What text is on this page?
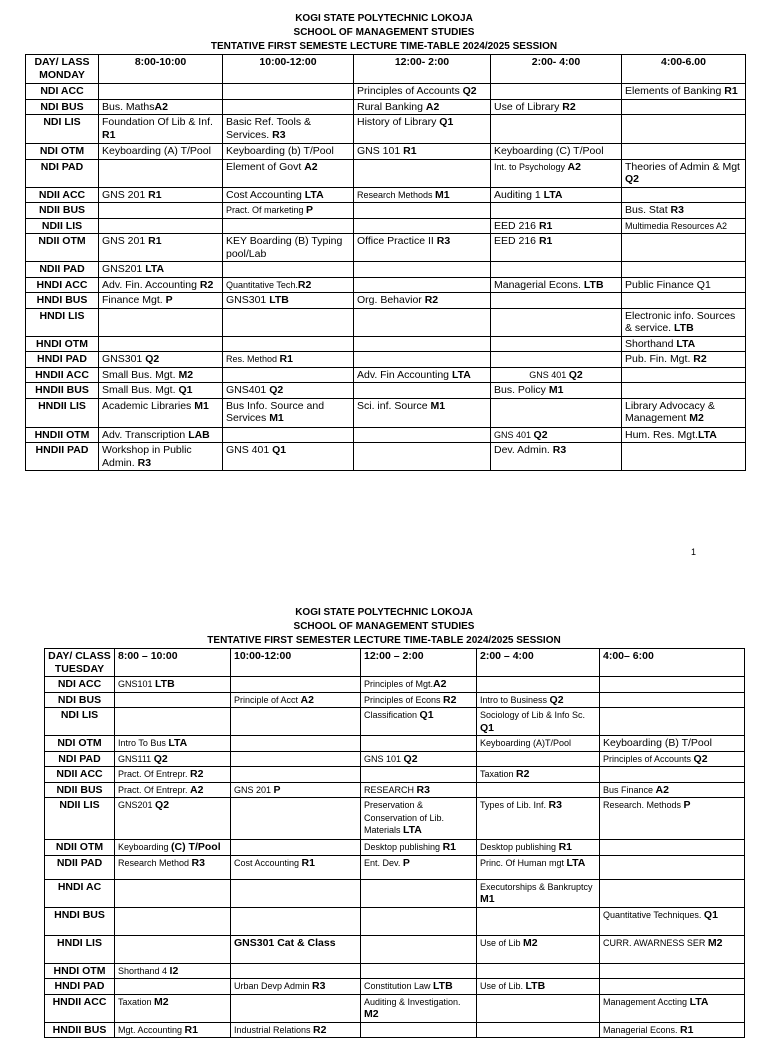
KOGI STATE POLYTECHNIC LOKOJA
SCHOOL OF MANAGEMENT STUDIES
TENTATIVE FIRST SEMESTE LECTURE TIME-TABLE 2024/2025 SESSION
DAY/ LASS
MONDAY	8:00-10:00	10:00-12:00	12:00- 2:00	2:00- 4:00	4:00-6.00
NDI ACC			Principles of Accounts Q2		Elements of Banking R1
NDI BUS	Bus. MathsA2		Rural Banking A2	Use of Library R2	
NDI LIS	Foundation Of Lib & Inf. R1	Basic Ref. Tools & Services. R3	History of Library Q1		
NDI OTM	Keyboarding (A) T/Pool	Keyboarding (b) T/Pool	GNS 101 R1	Keyboarding (C) T/Pool	
NDI PAD		Element of Govt A2		Int. to Psychology A2	Theories of Admin & Mgt Q2
NDII ACC	GNS 201 R1	Cost Accounting LTA	Research Methods M1	Auditing 1 LTA	
NDII BUS		Pract. Of marketing P			Bus. Stat R3
NDII LIS				EED 216 R1	Multimedia Resources A2
NDII OTM	GNS 201 R1	KEY Boarding (B) Typing pool/Lab	Office Practice II R3	EED 216 R1	
NDII PAD	GNS201 LTA				
HNDI ACC	Adv. Fin. Accounting R2	Quantitative Tech.R2		Managerial Econs. LTB	Public Finance Q1
HNDI BUS	Finance Mgt. P	GNS301 LTB	Org. Behavior R2		
HNDI LIS					Electronic info. Sources & service. LTB
HNDI OTM					Shorthand LTA
HNDI PAD	GNS301 Q2	Res. Method R1			Pub. Fin. Mgt. R2
HNDII ACC	Small Bus. Mgt. M2		Adv. Fin Accounting LTA	GNS 401 Q2	
HNDII BUS	Small Bus. Mgt. Q1	GNS401 Q2		Bus. Policy M1	
HNDII LIS	Academic Libraries M1	Bus Info. Source and Services M1	Sci. inf. Source M1		Library Advocacy & Management M2
HNDII OTM	Adv. Transcription LAB			GNS 401 Q2	Hum. Res. Mgt.LTA
HNDII PAD	Workshop in Public Admin. R3	GNS 401 Q1		Dev. Admin. R3	
1
KOGI STATE POLYTECHNIC LOKOJA
SCHOOL OF MANAGEMENT STUDIES
TENTATIVE FIRST SEMESTER LECTURE TIME-TABLE 2024/2025 SESSION
DAY/ CLASS
TUESDAY	8:00 – 10:00	10:00-12:00	12:00 – 2:00	2:00 – 4:00	4:00– 6:00
NDI ACC	GNS101 LTB		Principles of Mgt.A2		
NDI BUS		Principle of Acct A2	Principles of Econs R2	Intro to Business Q2	
NDI LIS			Classification Q1	Sociology of Lib & Info Sc. Q1	
NDI OTM	Intro To Bus LTA			Keyboarding (A)T/Pool	Keyboarding (B) T/Pool
NDI PAD	GNS111 Q2		GNS 101 Q2		Principles of Accounts Q2
NDII ACC	Pract. Of Entrepr. R2			Taxation R2	
NDII BUS	Pract. Of Entrepr. A2	GNS 201 P	RESEARCH R3		Bus Finance A2
NDII LIS	GNS201 Q2		Preservation & Conservation of Lib. Materials LTA	Types of Lib. Inf. R3	Research. Methods P
NDII OTM	Keyboarding (C) T/Pool		Desktop publishing R1	Desktop publishing R1	
NDII PAD	Research Method R3	Cost Accounting R1	Ent. Dev. P	Princ. Of Human mgt LTA	
HNDI AC				Executorships & Bankruptcy M1	
HNDI BUS					Quantitative Techniques. Q1
HNDI LIS		GNS301 Cat & Class		Use of Lib M2	CURR. AWARNESS SER M2
HNDI OTM	Shorthand 4 I2				
HNDI PAD		Urban Devp Admin R3	Constitution Law LTB	Use of Lib. LTB	
HNDII ACC	Taxation M2		Auditing & Investigation. M2		Management Accting LTA
HNDII BUS	Mgt. Accounting R1	Industrial Relations R2			Managerial Econs. R1
